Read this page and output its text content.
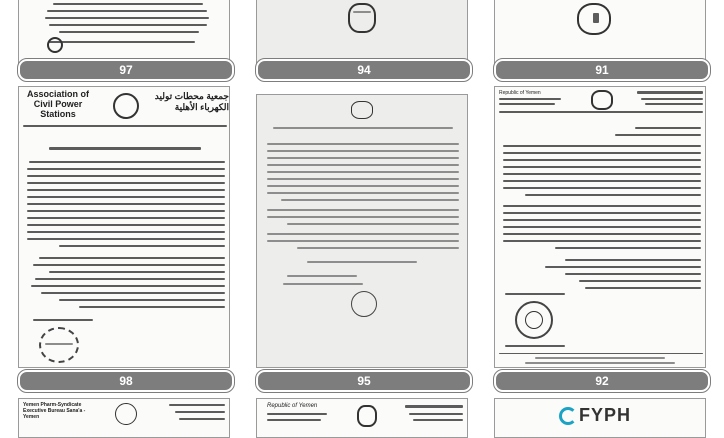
97	94	91
Association of Civil Power Stations
جمعية محطات توليد الكهرباء الأهلية
98	95
Republic of Yemen
92
Yemen Pharm-Syndicate Executive Bureau Sana'a - Yemen
Republic of Yemen	FYPH
